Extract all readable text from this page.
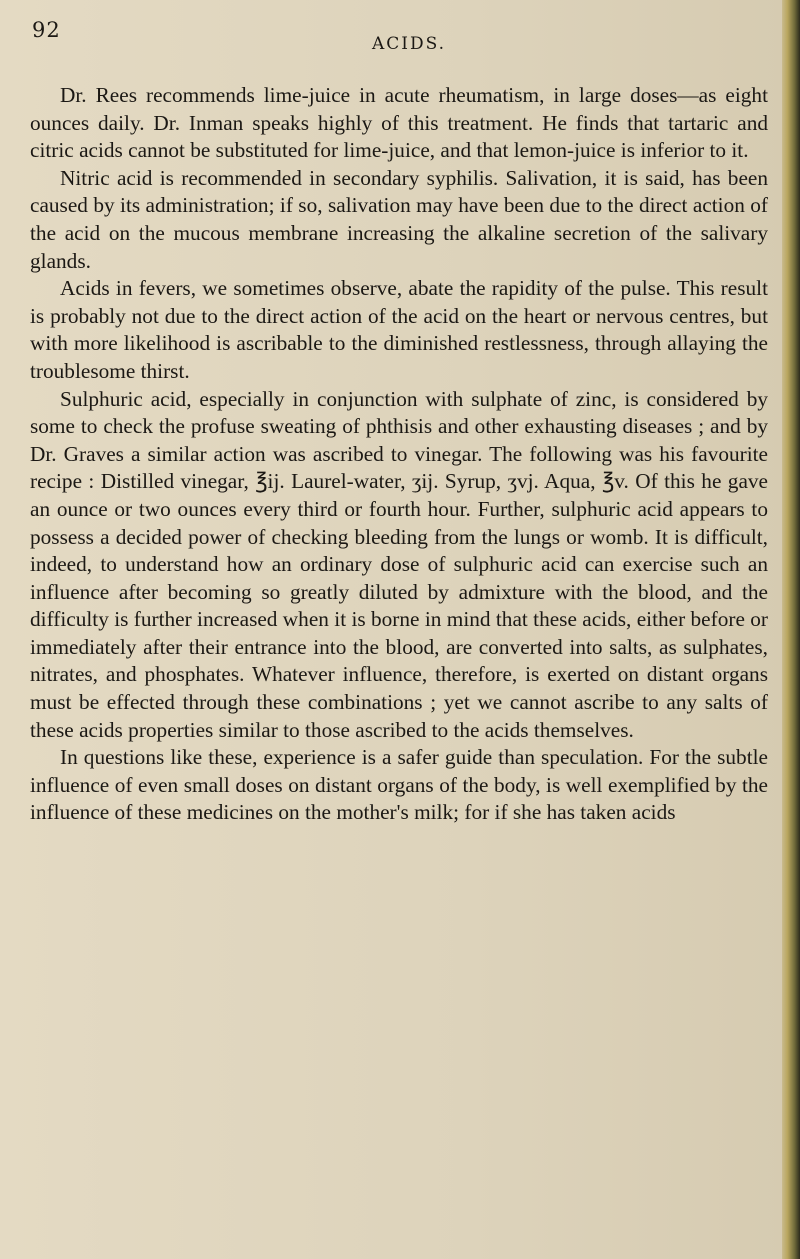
92
ACIDS.

Dr. Rees recommends lime-juice in acute rheumatism, in large doses—as eight ounces daily. Dr. Inman speaks highly of this treatment. He finds that tartaric and citric acids cannot be substituted for lime-juice, and that lemon-juice is inferior to it.

Nitric acid is recommended in secondary syphilis. Salivation, it is said, has been caused by its administration; if so, salivation may have been due to the direct action of the acid on the mucous membrane increasing the alkaline secretion of the salivary glands.

Acids in fevers, we sometimes observe, abate the rapidity of the pulse. This result is probably not due to the direct action of the acid on the heart or nervous centres, but with more likelihood is ascribable to the diminished restlessness, through allaying the troublesome thirst.

Sulphuric acid, especially in conjunction with sulphate of zinc, is considered by some to check the profuse sweating of phthisis and other exhausting diseases ; and by Dr. Graves a similar action was ascribed to vinegar. The following was his favourite recipe : Distilled vinegar, ℥ij. Laurel-water, ʒij. Syrup, ʒvj. Aqua, ℥v. Of this he gave an ounce or two ounces every third or fourth hour. Further, sulphuric acid appears to possess a decided power of checking bleeding from the lungs or womb. It is difficult, indeed, to understand how an ordinary dose of sulphuric acid can exercise such an influence after becoming so greatly diluted by admixture with the blood, and the difficulty is further increased when it is borne in mind that these acids, either before or immediately after their entrance into the blood, are converted into salts, as sulphates, nitrates, and phosphates. Whatever influence, therefore, is exerted on distant organs must be effected through these combinations ; yet we cannot ascribe to any salts of these acids properties similar to those ascribed to the acids themselves.

In questions like these, experience is a safer guide than speculation. For the subtle influence of even small doses on distant organs of the body, is well exemplified by the influence of these medicines on the mother's milk; for if she has taken acids
